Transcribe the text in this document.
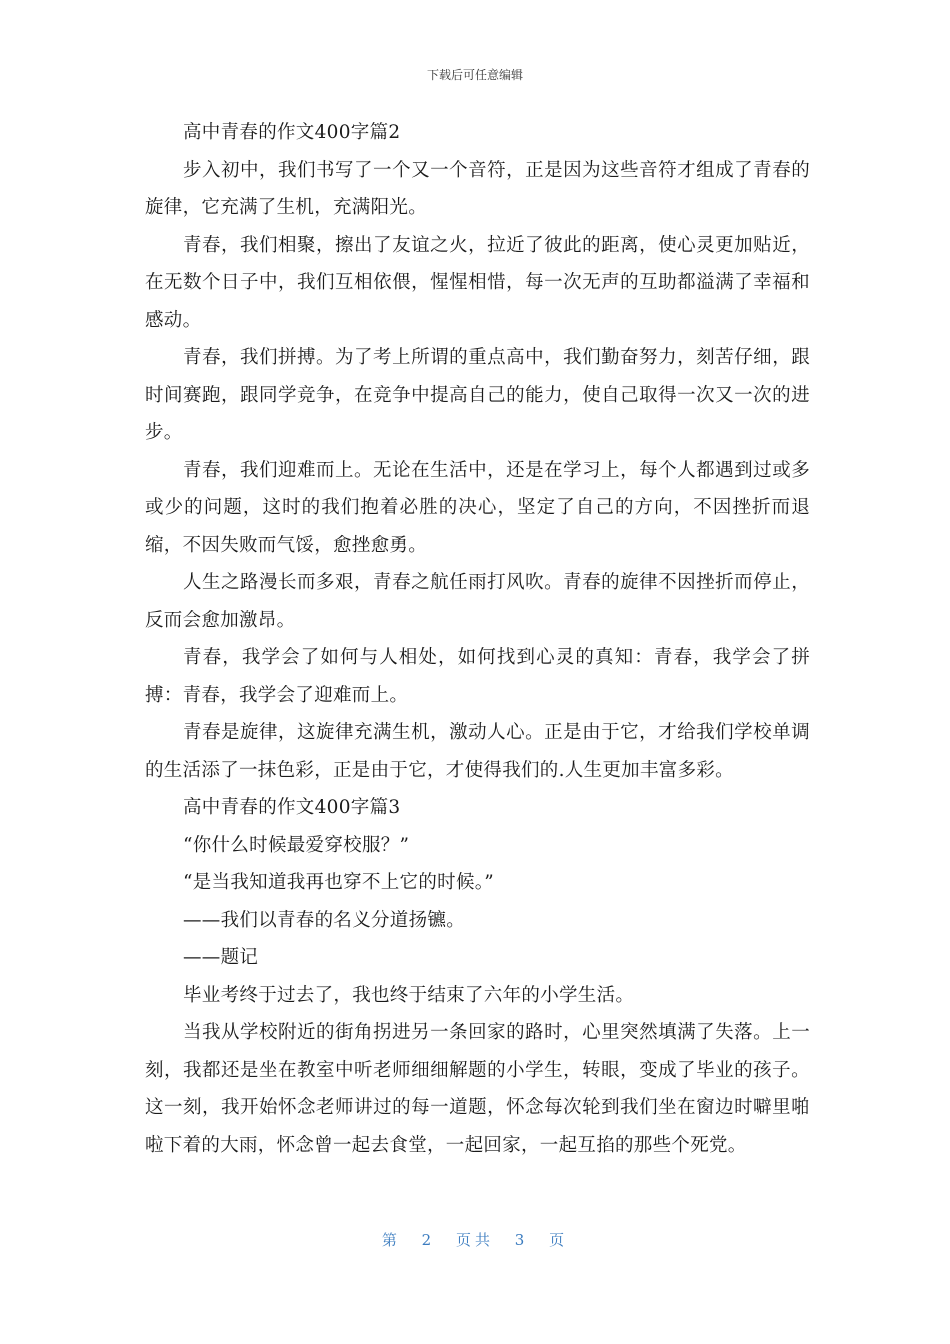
下载后可任意编辑

高中青春的作文400字篇2

步入初中，我们书写了一个又一个音符，正是因为这些音符才组成了青春的旋律，它充满了生机，充满阳光。

青春，我们相聚，擦出了友谊之火，拉近了彼此的距离，使心灵更加贴近，在无数个日子中，我们互相依偎，惺惺相惜，每一次无声的互助都溢满了幸福和感动。

青春，我们拼搏。为了考上所谓的重点高中，我们勤奋努力，刻苦仔细，跟时间赛跑，跟同学竞争，在竞争中提高自己的能力，使自己取得一次又一次的进步。

青春，我们迎难而上。无论在生活中，还是在学习上，每个人都遇到过或多或少的问题，这时的我们抱着必胜的决心，坚定了自己的方向，不因挫折而退缩，不因失败而气馁，愈挫愈勇。

人生之路漫长而多艰，青春之航任雨打风吹。青春的旋律不因挫折而停止，反而会愈加激昂。

青春，我学会了如何与人相处，如何找到心灵的真知：青春，我学会了拼搏：青春，我学会了迎难而上。

青春是旋律，这旋律充满生机，激动人心。正是由于它，才给我们学校单调的生活添了一抹色彩，正是由于它，才使得我们的.人生更加丰富多彩。

高中青春的作文400字篇3

“你什么时候最爱穿校服？”

“是当我知道我再也穿不上它的时候。”

——我们以青春的名义分道扬镳。

——题记

毕业考终于过去了，我也终于结束了六年的小学生活。

当我从学校附近的街角拐进另一条回家的路时，心里突然填满了失落。上一刻，我都还是坐在教室中听老师细细解题的小学生，转眼，变成了毕业的孩子。这一刻，我开始怀念老师讲过的每一道题，怀念每次轮到我们坐在窗边时噼里啪啦下着的大雨，怀念曾一起去食堂，一起回家，一起互掐的那些个死党。

第 2 页共 3 页
